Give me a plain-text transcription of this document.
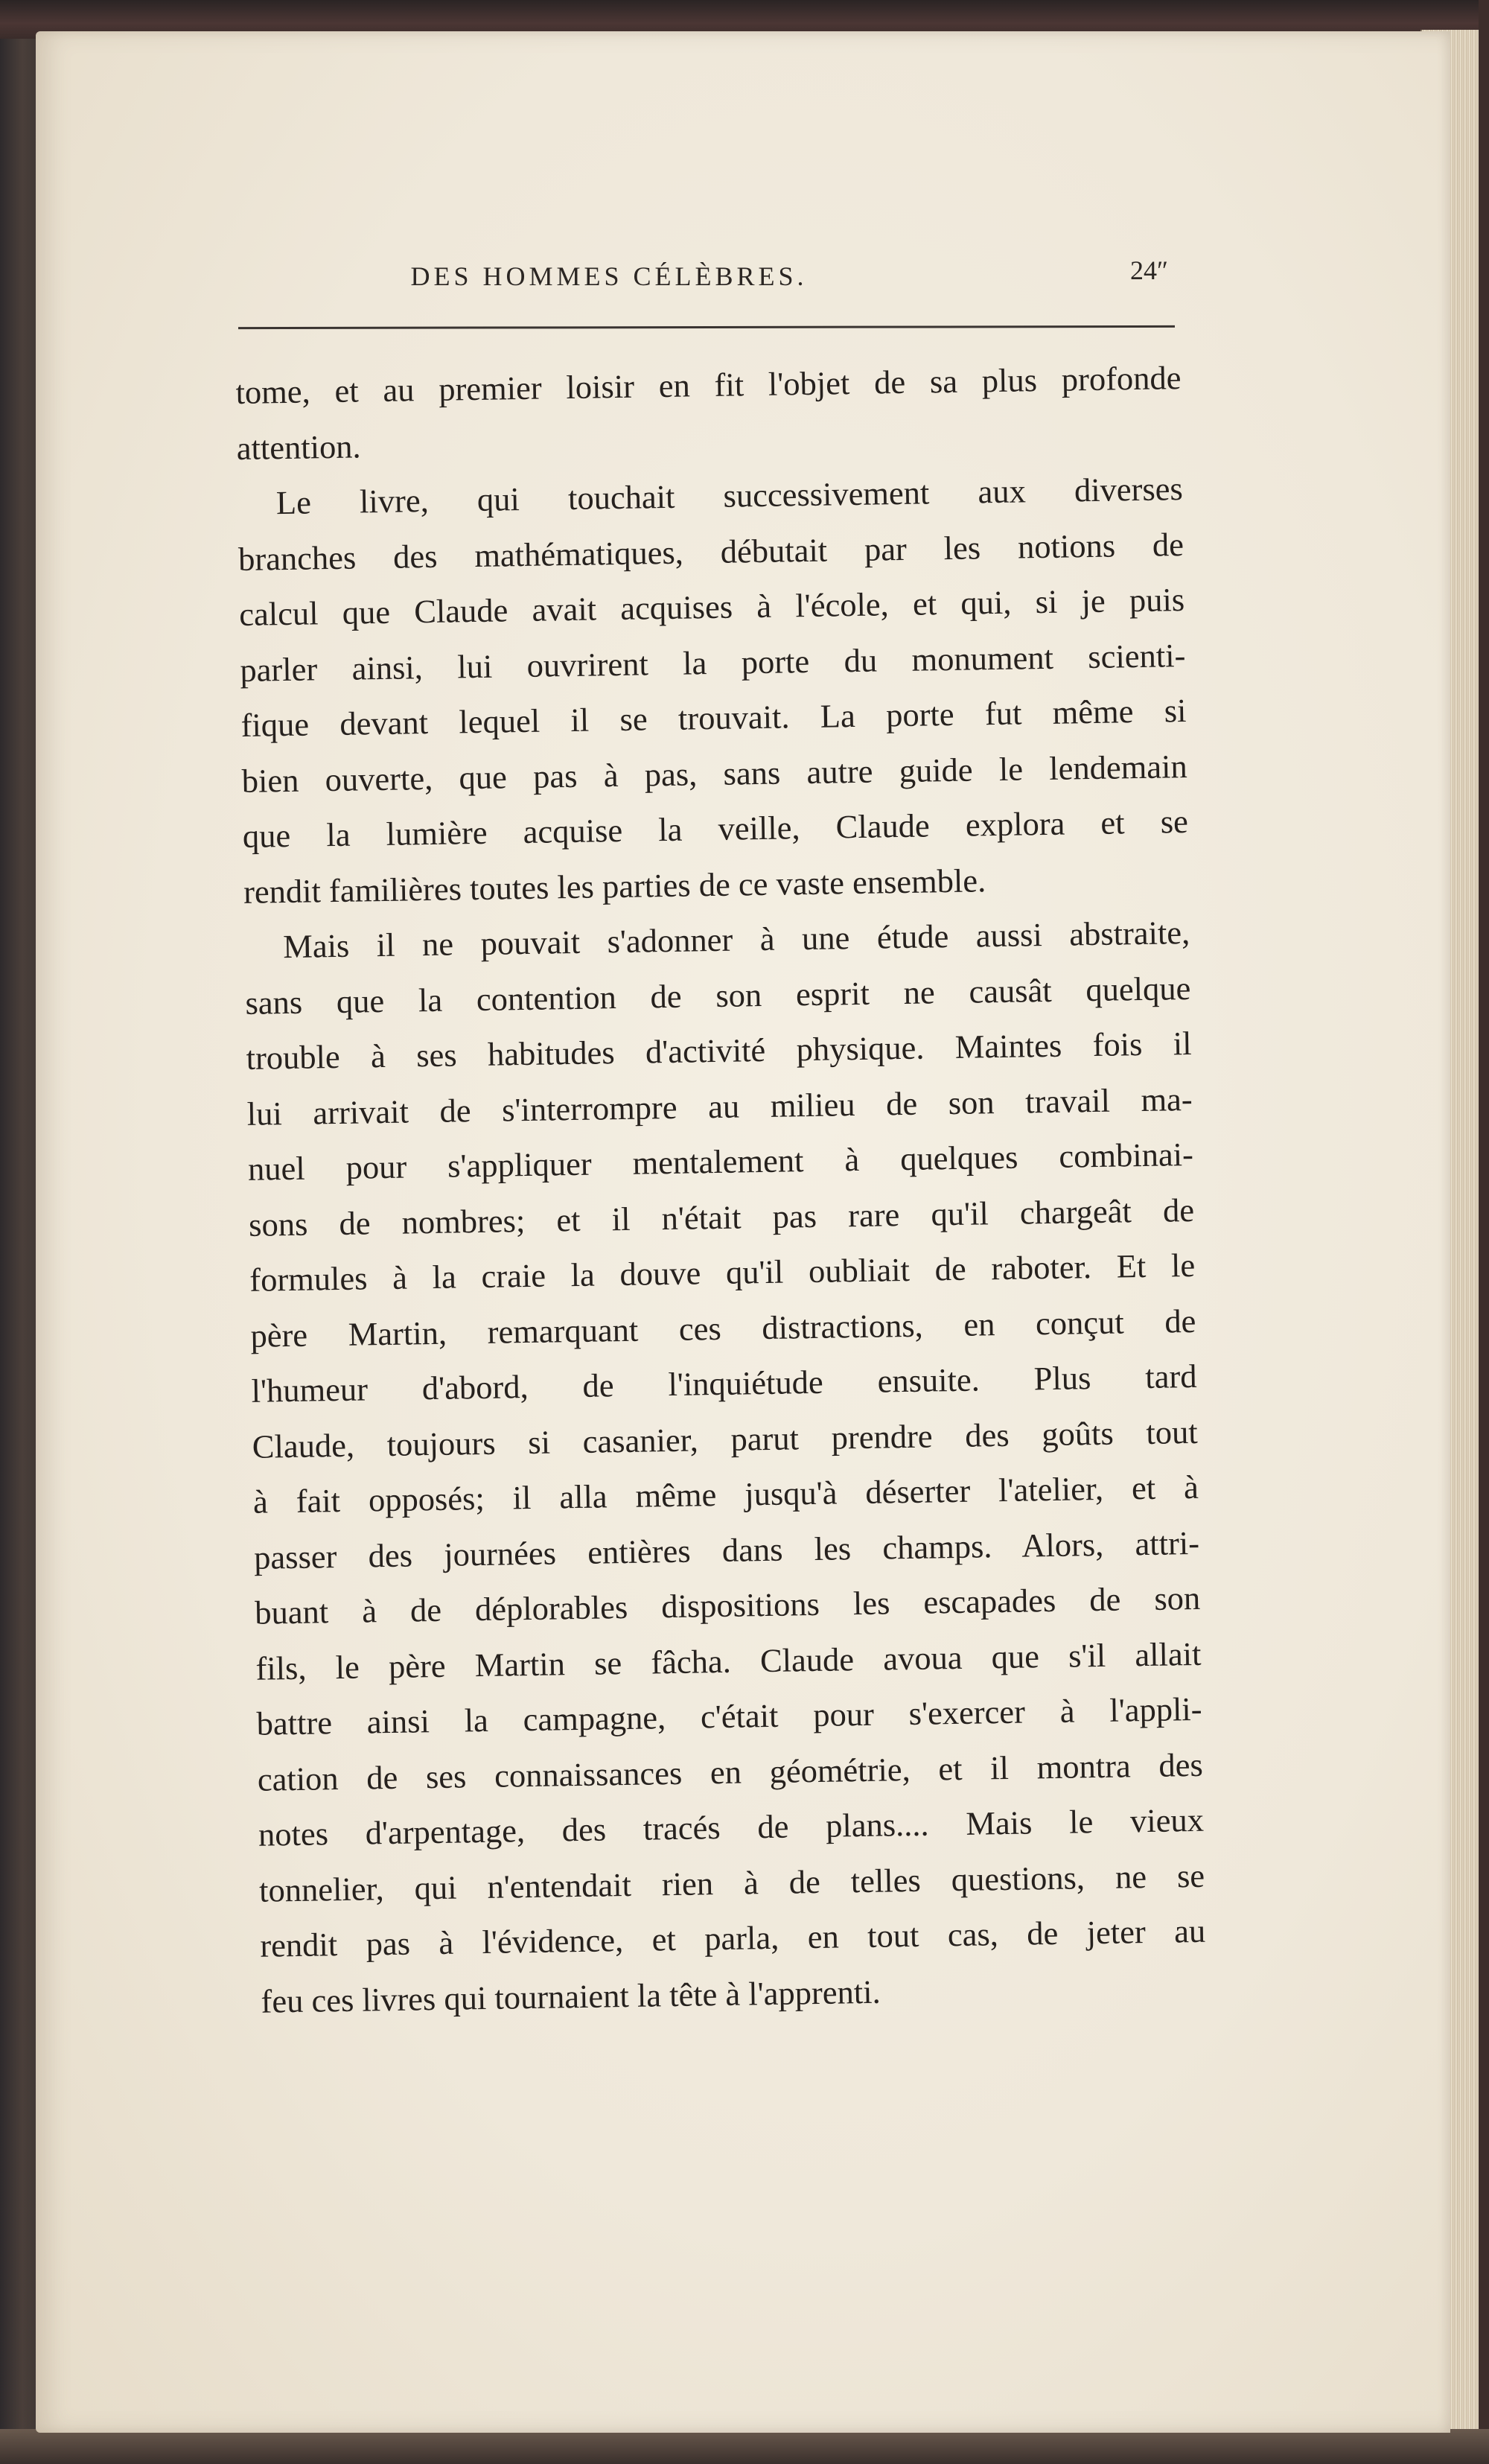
DES HOMMES CÉLÈBRES.	24″
tome, et au premier loisir en fit l'objet de sa plus profonde
attention.
Le livre, qui touchait successivement aux diverses
branches des mathématiques, débutait par les notions de
calcul que Claude avait acquises à l'école, et qui, si je puis
parler ainsi, lui ouvrirent la porte du monument scienti-
fique devant lequel il se trouvait. La porte fut même si
bien ouverte, que pas à pas, sans autre guide le lendemain
que la lumière acquise la veille, Claude explora et se
rendit familières toutes les parties de ce vaste ensemble.
Mais il ne pouvait s'adonner à une étude aussi abstraite,
sans que la contention de son esprit ne causât quelque
trouble à ses habitudes d'activité physique. Maintes fois il
lui arrivait de s'interrompre au milieu de son travail ma-
nuel pour s'appliquer mentalement à quelques combinai-
sons de nombres; et il n'était pas rare qu'il chargeât de
formules à la craie la douve qu'il oubliait de raboter. Et le
père Martin, remarquant ces distractions, en conçut de
l'humeur d'abord, de l'inquiétude ensuite. Plus tard
Claude, toujours si casanier, parut prendre des goûts tout
à fait opposés; il alla même jusqu'à déserter l'atelier, et à
passer des journées entières dans les champs. Alors, attri-
buant à de déplorables dispositions les escapades de son
fils, le père Martin se fâcha. Claude avoua que s'il allait
battre ainsi la campagne, c'était pour s'exercer à l'appli-
cation de ses connaissances en géométrie, et il montra des
notes d'arpentage, des tracés de plans.... Mais le vieux
tonnelier, qui n'entendait rien à de telles questions, ne se
rendit pas à l'évidence, et parla, en tout cas, de jeter au
feu ces livres qui tournaient la tête à l'apprenti.
